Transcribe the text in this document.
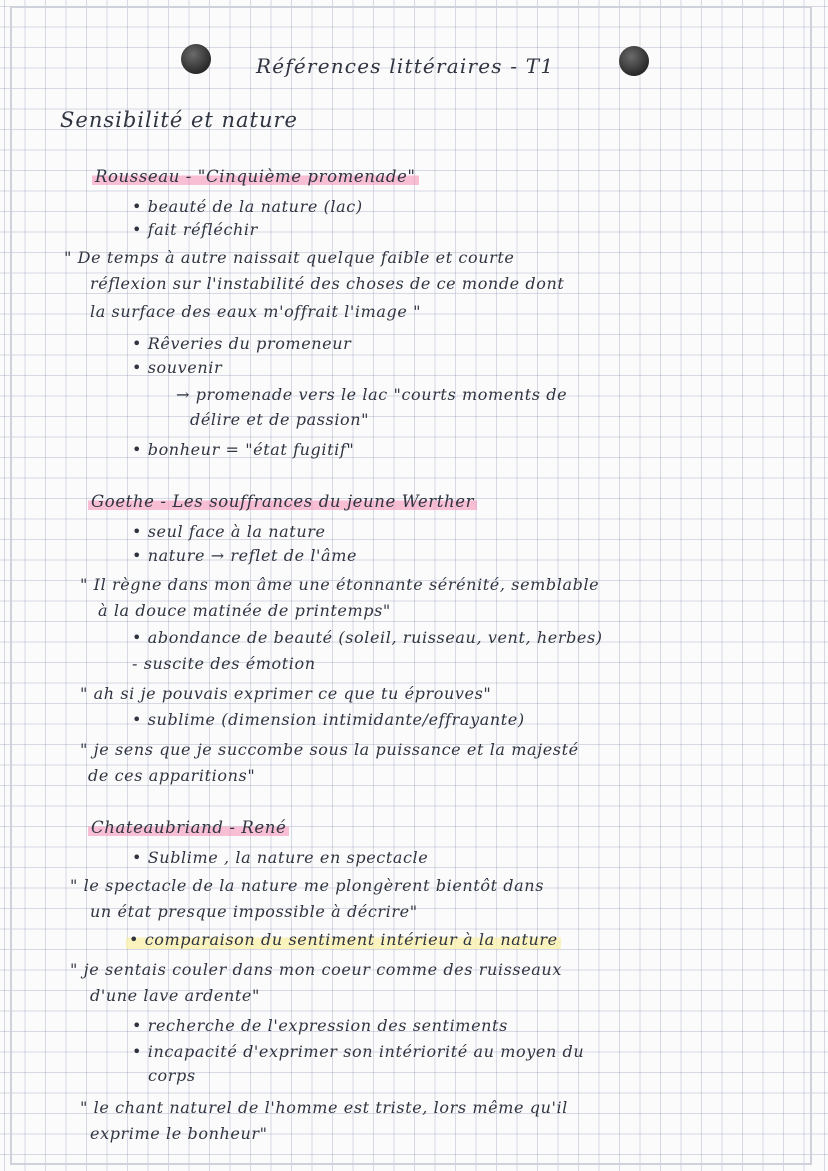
Références littéraires - T1
Sensibilité et nature
Rousseau - "Cinquième promenade"
• beauté de la nature (lac)
• fait réfléchir
" De temps à autre naissait quelque faible et courte
réflexion sur l'instabilité des choses de ce monde dont
la surface des eaux m'offrait l'image "
• Rêveries du promeneur
• souvenir
→ promenade vers le lac "courts moments de
délire et de passion"
• bonheur = "état fugitif"
Goethe - Les souffrances du jeune Werther
• seul face à la nature
• nature → reflet de l'âme
" Il règne dans mon âme une étonnante sérénité, semblable
à la douce matinée de printemps"
• abondance de beauté (soleil, ruisseau, vent, herbes)
- suscite des émotion
" ah si je pouvais exprimer ce que tu éprouves"
• sublime (dimension intimidante/effrayante)
" je sens que je succombe sous la puissance et la majesté
de ces apparitions"
Chateaubriand - René
• Sublime , la nature en spectacle
" le spectacle de la nature me plongèrent bientôt dans
un état presque impossible à décrire"
• comparaison du sentiment intérieur à la nature
" je sentais couler dans mon coeur comme des ruisseaux
d'une lave ardente"
• recherche de l'expression des sentiments
• incapacité d'exprimer son intériorité au moyen du
corps
" le chant naturel de l'homme est triste, lors même qu'il
exprime le bonheur"
